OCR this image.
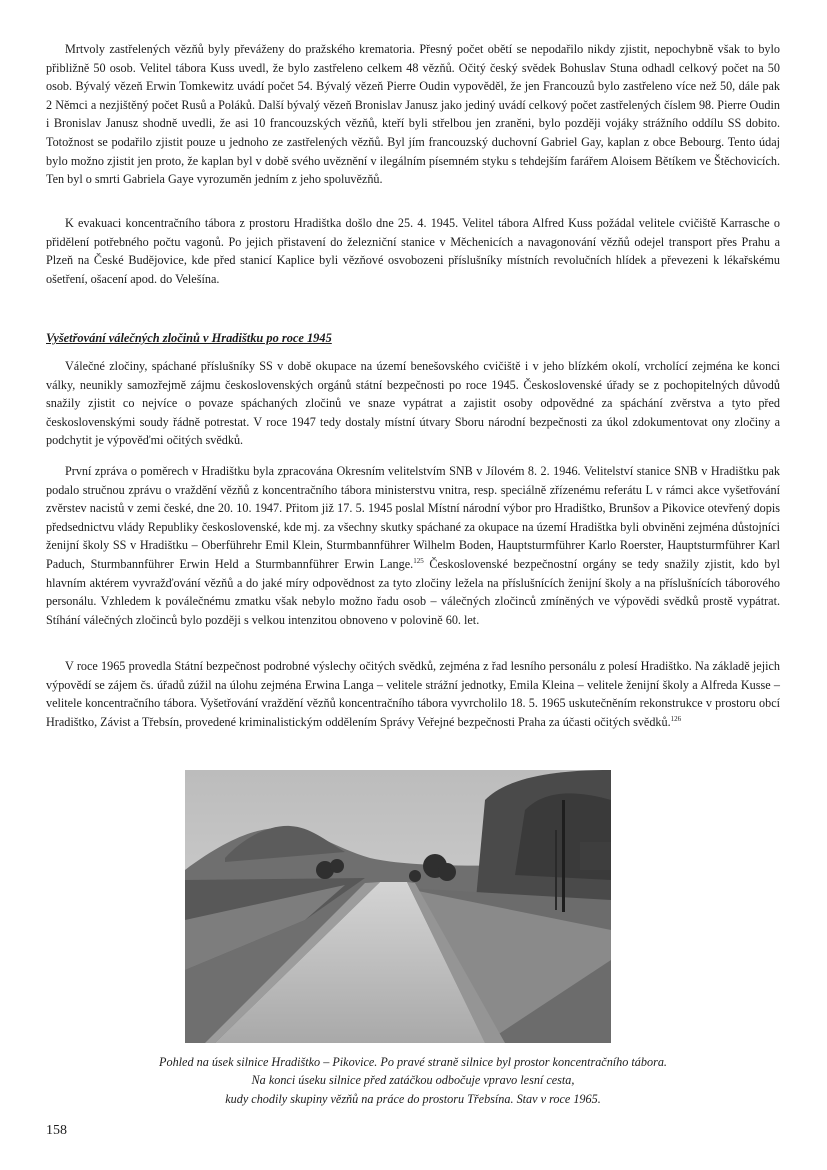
Mrtvoly zastřelených vězňů byly převáženy do pražského krematoria. Přesný počet obětí se nepodařilo nikdy zjistit, nepochybně však to bylo přibližně 50 osob. Velitel tábora Kuss uvedl, že bylo zastřeleno celkem 48 vězňů. Očitý český svědek Bohuslav Stuna odhadl celkový počet na 50 osob. Bývalý vězeň Erwin Tomkewitz uvádí počet 54. Bývalý vězeň Pierre Oudin vypověděl, že jen Francouzů bylo zastřeleno více než 50, dále pak 2 Němci a nezjištěný počet Rusů a Poláků. Další bývalý vězeň Bronislav Janusz jako jediný uvádí celkový počet zastřelených číslem 98. Pierre Oudin i Bronislav Janusz shodně uvedli, že asi 10 francouzských vězňů, kteří byli střelbou jen zraněni, bylo později vojáky strážního oddílu SS dobito. Totožnost se podařilo zjistit pouze u jednoho ze zastřelených vězňů. Byl jím francouzský duchovní Gabriel Gay, kaplan z obce Bebourg. Tento údaj bylo možno zjistit jen proto, že kaplan byl v době svého uvěznění v ilegálním písemném styku s tehdejším farářem Aloisem Bětíkem ve Štěchovicích. Ten byl o smrti Gabriela Gaye vyrozuměn jedním z jeho spoluvězňů.

K evakuaci koncentračního tábora z prostoru Hradištka došlo dne 25. 4. 1945. Velitel tábora Alfred Kuss požádal velitele cvičiště Karrasche o přidělení potřebného počtu vagonů. Po jejich přistavení do železniční stanice v Měchenicích a navagonování vězňů odejel transport přes Prahu a Plzeň na České Budějovice, kde před stanicí Kaplice byli vězňové osvobozeni příslušníky místních revolučních hlídek a převezeni k lékařskému ošetření, ošacení apod. do Velešína.

Vyšetřování válečných zločinů v Hradištku po roce 1945

Válečné zločiny, spáchané příslušníky SS v době okupace na území benešovského cvičiště i v jeho blízkém okolí, vrcholící zejména ke konci války, neunikly samozřejmě zájmu československých orgánů státní bezpečnosti po roce 1945. Československé úřady se z pochopitelných důvodů snažily zjistit co nejvíce o povaze spáchaných zločinů ve snaze vypátrat a zajistit osoby odpovědné za spáchání zvěrstva a tyto před československými soudy řádně potrestat. V roce 1947 tedy dostaly místní útvary Sboru národní bezpečnosti za úkol zdokumentovat ony zločiny a podchytit je výpověďmi očitých svědků.

První zpráva o poměrech v Hradištku byla zpracována Okresním velitelstvím SNB v Jílovém 8. 2. 1946. Velitelství stanice SNB v Hradištku pak podalo stručnou zprávu o vraždění vězňů z koncentračního tábora ministerstvu vnitra, resp. speciálně zřízenému referátu L v rámci akce vyšetřování zvěrstev nacistů v zemi české, dne 20. 10. 1947. Přitom již 17. 5. 1945 poslal Místní národní výbor pro Hradištko, Brunšov a Pikovice otevřený dopis předsednictvu vlády Republiky československé, kde mj. za všechny skutky spáchané za okupace na území Hradištka byli obviněni zejména důstojníci ženijní školy SS v Hradištku – Oberführehr Emil Klein, Sturmbannführer Wilhelm Boden, Hauptsturmführer Karlo Roerster, Hauptsturmführer Karl Paduch, Sturmbannführer Erwin Held a Sturmbannführer Erwin Lange.$^{125}$ Československé bezpečnostní orgány se tedy snažily zjistit, kdo byl hlavním aktérem vyvražďování vězňů a do jaké míry odpovědnost za tyto zločiny ležela na příslušnících ženijní školy a na příslušnících táborového personálu. Vzhledem k poválečnému zmatku však nebylo možno řadu osob – válečných zločinců zmíněných ve výpovědi svědků prostě vypátrat. Stíhání válečných zločinců bylo později s velkou intenzitou obnoveno v polovině 60. let.

V roce 1965 provedla Státní bezpečnost podrobné výslechy očitých svědků, zejména z řad lesního personálu z polesí Hradištko. Na základě jejich výpovědí se zájem čs. úřadů zúžil na úlohu zejména Erwina Langa – velitele strážní jednotky, Emila Kleina – velitele ženijní školy a Alfreda Kusse – velitele koncentračního tábora. Vyšetřování vraždění vězňů koncentračního tábora vyvrcholilo 18. 5. 1965 uskutečněním rekonstrukce v prostoru obcí Hradištko, Závist a Třebsín, provedené kriminalistickým oddělením Správy Veřejné bezpečnosti Praha za účasti očitých svědků.$^{126}$

Pohled na úsek silnice Hradištko – Pikovice. Po pravé straně silnice byl prostor koncentračního tábora.
Na konci úseku silnice před zatáčkou odbočuje vpravo lesní cesta,
kudy chodily skupiny vězňů na práce do prostoru Třebsína. Stav v roce 1965.

158
